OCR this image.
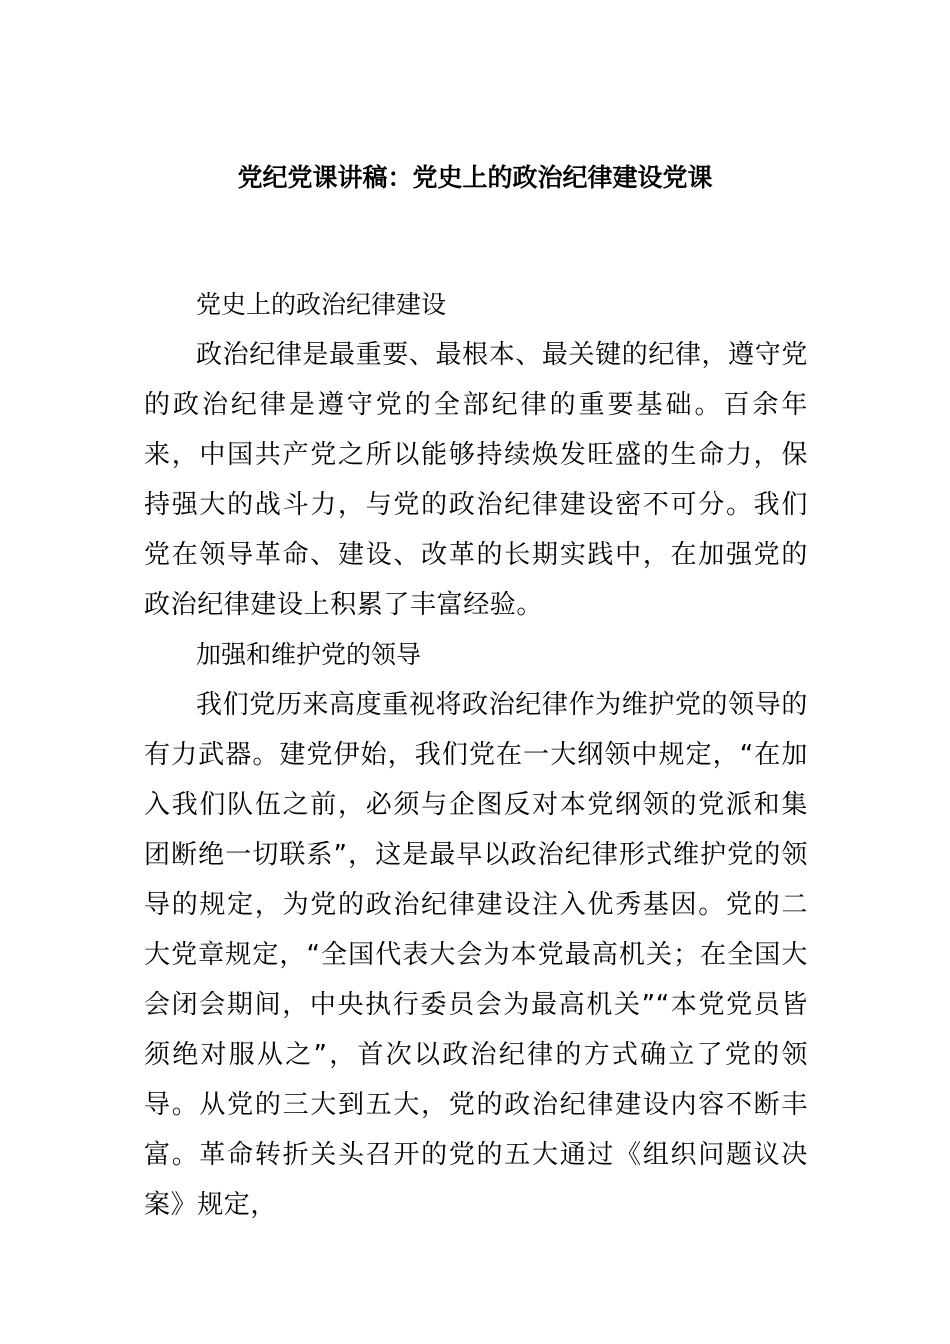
党纪党课讲稿：党史上的政治纪律建设党课

党史上的政治纪律建设

政治纪律是最重要、最根本、最关键的纪律，遵守党的政治纪律是遵守党的全部纪律的重要基础。百余年来，中国共产党之所以能够持续焕发旺盛的生命力，保持强大的战斗力，与党的政治纪律建设密不可分。我们党在领导革命、建设、改革的长期实践中，在加强党的政治纪律建设上积累了丰富经验。

加强和维护党的领导

我们党历来高度重视将政治纪律作为维护党的领导的有力武器。建党伊始，我们党在一大纲领中规定，“在加入我们队伍之前，必须与企图反对本党纲领的党派和集团断绝一切联系”，这是最早以政治纪律形式维护党的领导的规定，为党的政治纪律建设注入优秀基因。党的二大党章规定，“全国代表大会为本党最高机关；在全国大会闭会期间，中央执行委员会为最高机关”“本党党员皆须绝对服从之”，首次以政治纪律的方式确立了党的领导。从党的三大到五大，党的政治纪律建设内容不断丰富。革命转折关头召开的党的五大通过《组织问题议决案》规定，
